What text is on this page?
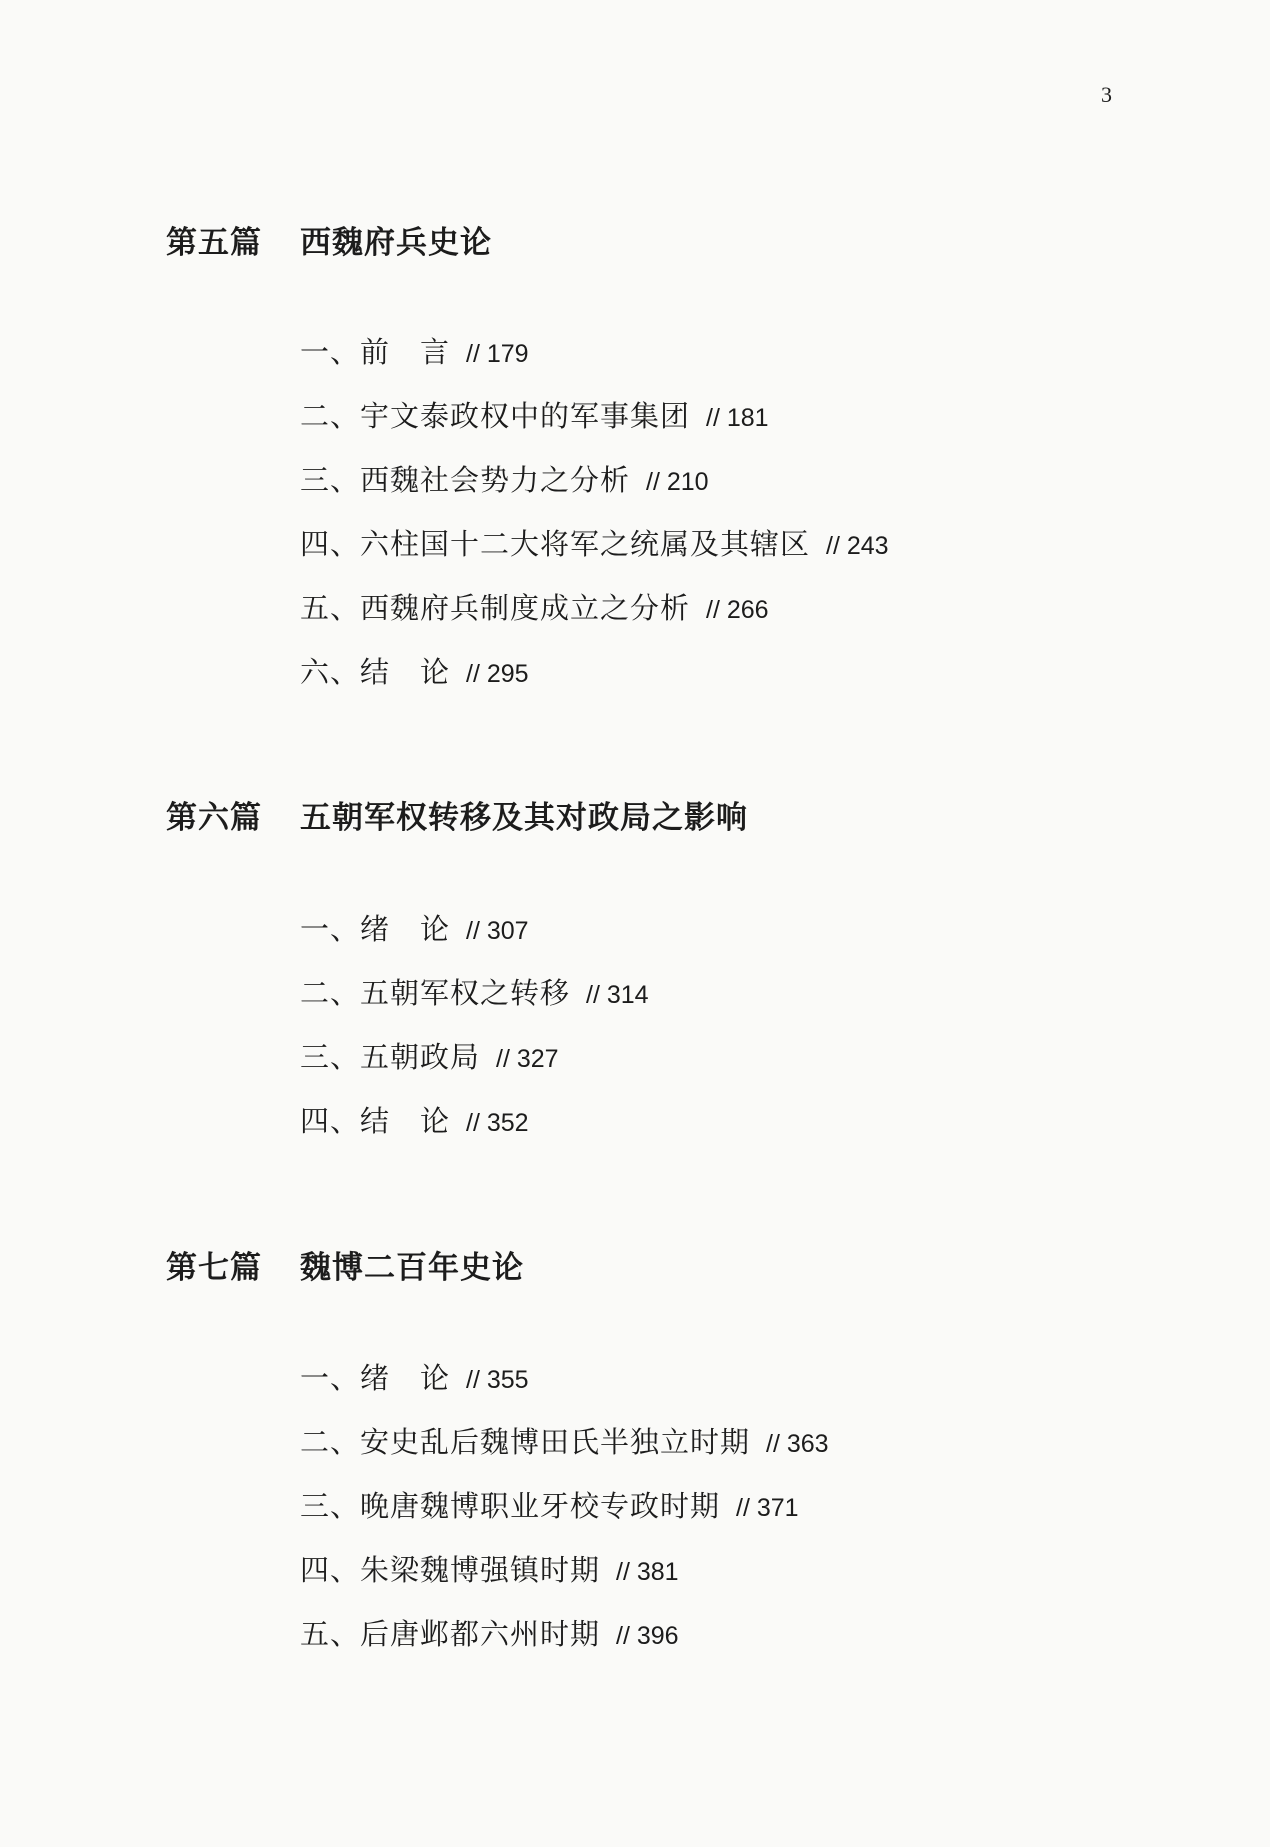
3
第五篇 西魏府兵史论
一、前　言 // 179
二、宇文泰政权中的军事集团 // 181
三、西魏社会势力之分析 // 210
四、六柱国十二大将军之统属及其辖区 // 243
五、西魏府兵制度成立之分析 // 266
六、结　论 // 295
第六篇 五朝军权转移及其对政局之影响
一、绪　论 // 307
二、五朝军权之转移 // 314
三、五朝政局 // 327
四、结　论 // 352
第七篇 魏博二百年史论
一、绪　论 // 355
二、安史乱后魏博田氏半独立时期 // 363
三、晚唐魏博职业牙校专政时期 // 371
四、朱梁魏博强镇时期 // 381
五、后唐邺都六州时期 // 396
